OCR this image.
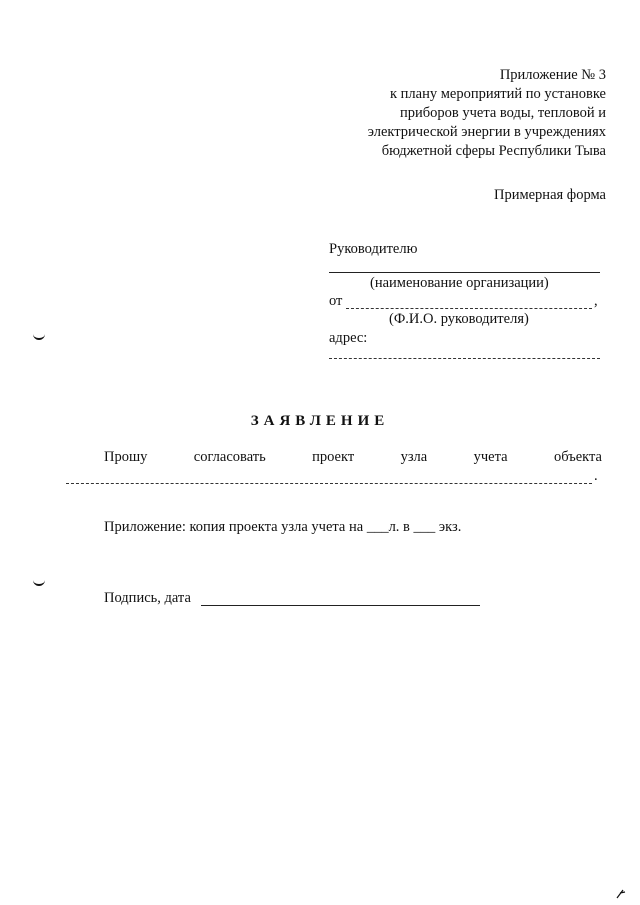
Приложение № 3
к плану мероприятий по установке
приборов учета воды, тепловой и
электрической энергии в учреждениях
бюджетной сферы Республики Тыва
Примерная форма
Руководителю
(наименование организации)
от	,
(Ф.И.О. руководителя)
адрес:
ЗАЯВЛЕНИЕ
Прошу	согласовать	проект	узла	учета	объекта
.
Приложение: копия проекта узла учета на ___л. в ___ экз.
Подпись, дата
